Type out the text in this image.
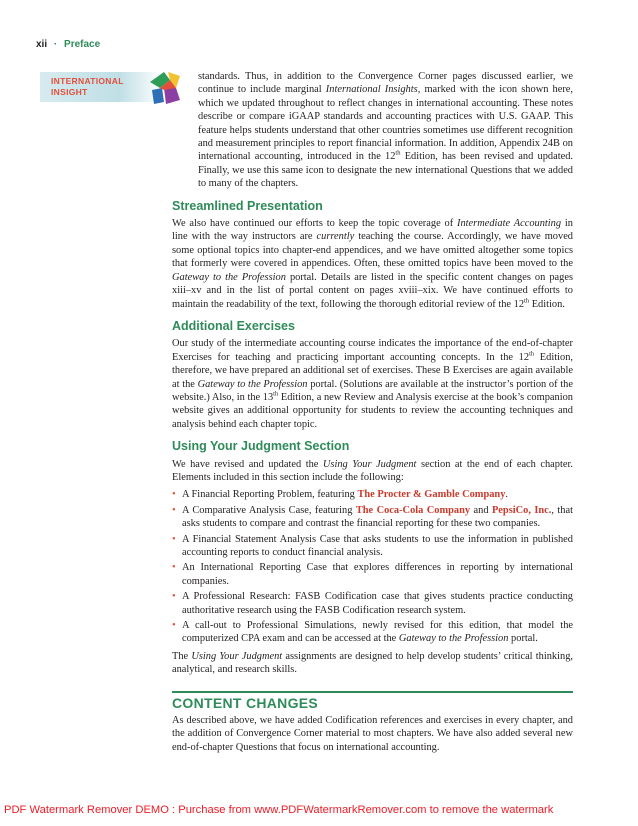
xii · Preface
INTERNATIONAL
INSIGHT

standards. Thus, in addition to the Convergence Corner pages discussed earlier, we continue to include marginal International Insights, marked with the icon shown here, which we updated throughout to reflect changes in international accounting. These notes describe or compare iGAAP standards and accounting practices with U.S. GAAP. This feature helps students understand that other countries sometimes use different recognition and measurement principles to report financial information. In addition, Appendix 24B on international accounting, introduced in the 12th Edition, has been revised and updated. Finally, we use this same icon to designate the new international Questions that we added to many of the chapters.

Streamlined Presentation

We also have continued our efforts to keep the topic coverage of Intermediate Accounting in line with the way instructors are currently teaching the course. Accordingly, we have moved some optional topics into chapter-end appendices, and we have omitted altogether some topics that formerly were covered in appendices. Often, these omitted topics have been moved to the Gateway to the Profession portal. Details are listed in the specific content changes on pages xiii–xv and in the list of portal content on pages xviii–xix. We have continued efforts to maintain the readability of the text, following the thorough editorial review of the 12th Edition.

Additional Exercises

Our study of the intermediate accounting course indicates the importance of the end-of-chapter Exercises for teaching and practicing important accounting concepts. In the 12th Edition, therefore, we have prepared an additional set of exercises. These B Exercises are again available at the Gateway to the Profession portal. (Solutions are available at the instructor’s portion of the website.) Also, in the 13th Edition, a new Review and Analysis exercise at the book’s companion website gives an additional opportunity for students to review the accounting techniques and analysis behind each chapter topic.

Using Your Judgment Section

We have revised and updated the Using Your Judgment section at the end of each chapter. Elements included in this section include the following:

• A Financial Reporting Problem, featuring The Procter & Gamble Company.
• A Comparative Analysis Case, featuring The Coca-Cola Company and PepsiCo, Inc., that asks students to compare and contrast the financial reporting for these two companies.
• A Financial Statement Analysis Case that asks students to use the information in published accounting reports to conduct financial analysis.
• An International Reporting Case that explores differences in reporting by international companies.
• A Professional Research: FASB Codification case that gives students practice conducting authoritative research using the FASB Codification research system.
• A call-out to Professional Simulations, newly revised for this edition, that model the computerized CPA exam and can be accessed at the Gateway to the Profession portal.

The Using Your Judgment assignments are designed to help develop students’ critical thinking, analytical, and research skills.

CONTENT CHANGES

As described above, we have added Codification references and exercises in every chapter, and the addition of Convergence Corner material to most chapters. We have also added several new end-of-chapter Questions that focus on international accounting.

PDF Watermark Remover DEMO : Purchase from www.PDFWatermarkRemover.com to remove the watermark
